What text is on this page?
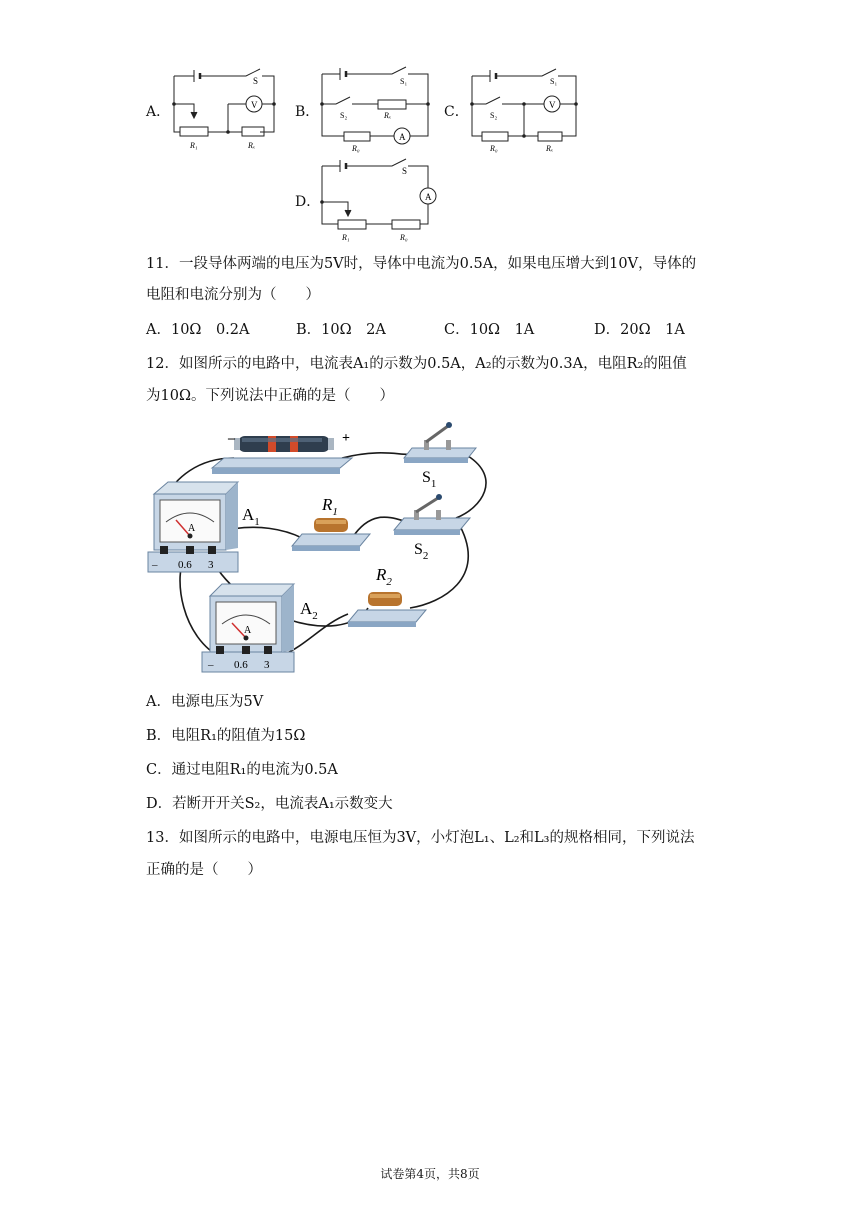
A．
S
V
R₁	Rₓ
B．
S₁
S₂	Rₓ
R₀
A
C．
S₁
S₂
V
R₀	Rₓ
D．
S
A
R₁	R₀
11．一段导体两端的电压为5V时，导体中电流为0.5A，如果电压增大到10V，导体的
电阻和电流分别为（　　）
A．10Ω　0.2A	B．10Ω　2A	C．10Ω　1A	D．20Ω　1A
12．如图所示的电路中，电流表A₁的示数为0.5A，A₂的示数为0.3A，电阻R₂的阻值
为10Ω。下列说法中正确的是（　　）
–	+
$S_1$
A
– 0.6 3
$A_1$
$R_1$
$S_2$
$R_2$
A
– 0.6 3
$A_2$
A．电源电压为5V
B．电阻R₁的阻值为15Ω
C．通过电阻R₁的电流为0.5A
D．若断开开关S₂，电流表A₁示数变大
13．如图所示的电路中，电源电压恒为3V，小灯泡L₁、L₂和L₃的规格相同，下列说法
正确的是（　　）
试卷第4页，共8页
